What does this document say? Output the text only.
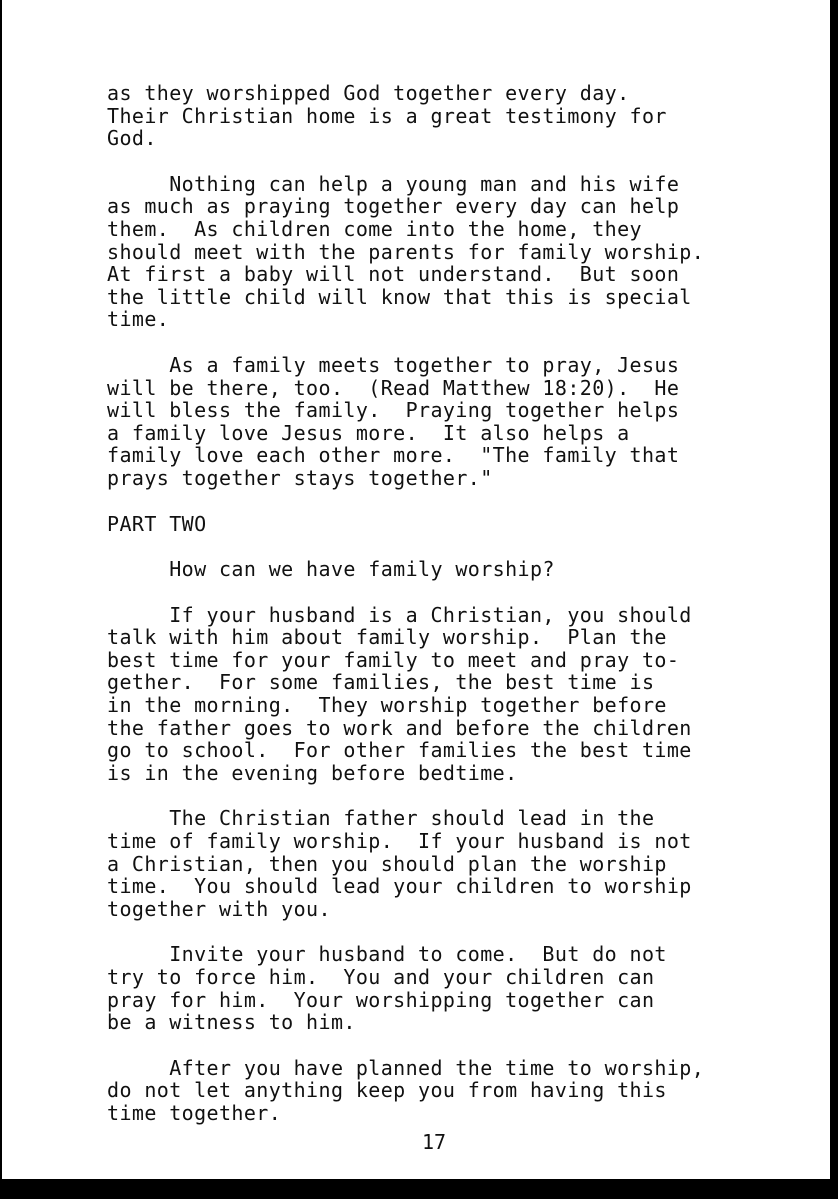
as they worshipped God together every day.
Their Christian home is a great testimony for
God.
Nothing can help a young man and his wife
as much as praying together every day can help
them.  As children come into the home, they
should meet with the parents for family worship.
At first a baby will not understand.  But soon
the little child will know that this is special
time.
As a family meets together to pray, Jesus
will be there, too.  (Read Matthew 18:20).  He
will bless the family.  Praying together helps
a family love Jesus more.  It also helps a
family love each other more.  "The family that
prays together stays together."
PART TWO
How can we have family worship?
If your husband is a Christian, you should
talk with him about family worship.  Plan the
best time for your family to meet and pray to-
gether.  For some families, the best time is
in the morning.  They worship together before
the father goes to work and before the children
go to school.  For other families the best time
is in the evening before bedtime.
The Christian father should lead in the
time of family worship.  If your husband is not
a Christian, then you should plan the worship
time.  You should lead your children to worship
together with you.
Invite your husband to come.  But do not
try to force him.  You and your children can
pray for him.  Your worshipping together can
be a witness to him.
After you have planned the time to worship,
do not let anything keep you from having this
time together.
17
